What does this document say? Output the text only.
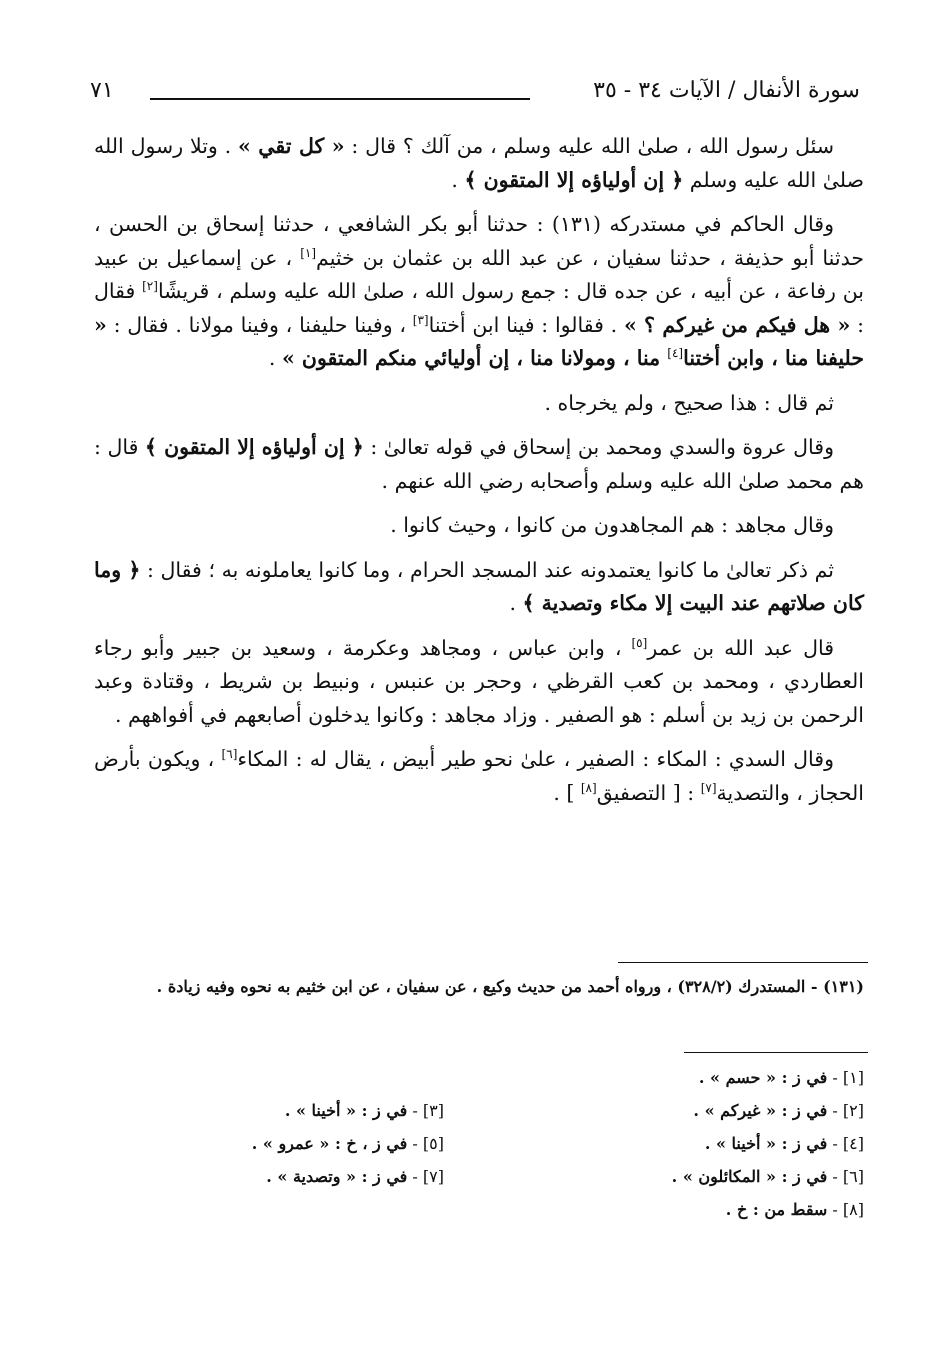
سورة الأنفال / الآيات ٣٤ - ٣٥
٧١

سئل رسول الله ، صلىٰ الله عليه وسلم ، من آلك ؟ قال : « كل تقي » . وتلا رسول الله صلىٰ الله عليه وسلم ﴿ إن أولياؤه إلا المتقون ﴾ .

وقال الحاكم في مستدركه (١٣١) : حدثنا أبو بكر الشافعي ، حدثنا إسحاق بن الحسن ، حدثنا أبو حذيفة ، حدثنا سفيان ، عن عبد الله بن عثمان بن خثيم[١] ، عن إسماعيل بن عبيد بن رفاعة ، عن أبيه ، عن جده قال : جمع رسول الله ، صلىٰ الله عليه وسلم ، قريشًا[٢] فقال : « هل فيكم من غيركم ؟ » . فقالوا : فينا ابن أختنا[٣] ، وفينا حليفنا ، وفينا مولانا . فقال : « حليفنا منا ، وابن أختنا[٤] منا ، ومولانا منا ، إن أوليائي منكم المتقون » .

ثم قال : هذا صحيح ، ولم يخرجاه .

وقال عروة والسدي ومحمد بن إسحاق في قوله تعالىٰ : ﴿ إن أولياؤه إلا المتقون ﴾ قال : هم محمد صلىٰ الله عليه وسلم وأصحابه رضي الله عنهم .

وقال مجاهد : هم المجاهدون من كانوا ، وحيث كانوا .

ثم ذكر تعالىٰ ما كانوا يعتمدونه عند المسجد الحرام ، وما كانوا يعاملونه به ؛ فقال : ﴿ وما كان صلاتهم عند البيت إلا مكاء وتصدية ﴾ .

قال عبد الله بن عمر[٥] ، وابن عباس ، ومجاهد وعكرمة ، وسعيد بن جبير وأبو رجاء العطاردي ، ومحمد بن كعب القرظي ، وحجر بن عنبس ، ونبيط بن شريط ، وقتادة وعبد الرحمن بن زيد بن أسلم : هو الصفير . وزاد مجاهد : وكانوا يدخلون أصابعهم في أفواههم .

وقال السدي : المكاء : الصفير ، علىٰ نحو طير أبيض ، يقال له : المكاء[٦] ، ويكون بأرض الحجاز ، والتصدية[٧] : [ التصفيق[٨] ] .

(١٣١) - المستدرك (٣٢٨/٢) ، ورواه أحمد من حديث وكيع ، عن سفيان ، عن ابن خثيم به نحوه وفيه زيادة .
[١] - في ز : « حسم » .
[٢] - في ز : « غيركم » .
[٣] - في ز : « أخينا » .
[٤] - في ز : « أخينا » .
[٥] - في ز ، خ : « عمرو » .
[٦] - في ز : « المكائلون » .
[٧] - في ز : « وتصدية » .
[٨] - سقط من : خ .
